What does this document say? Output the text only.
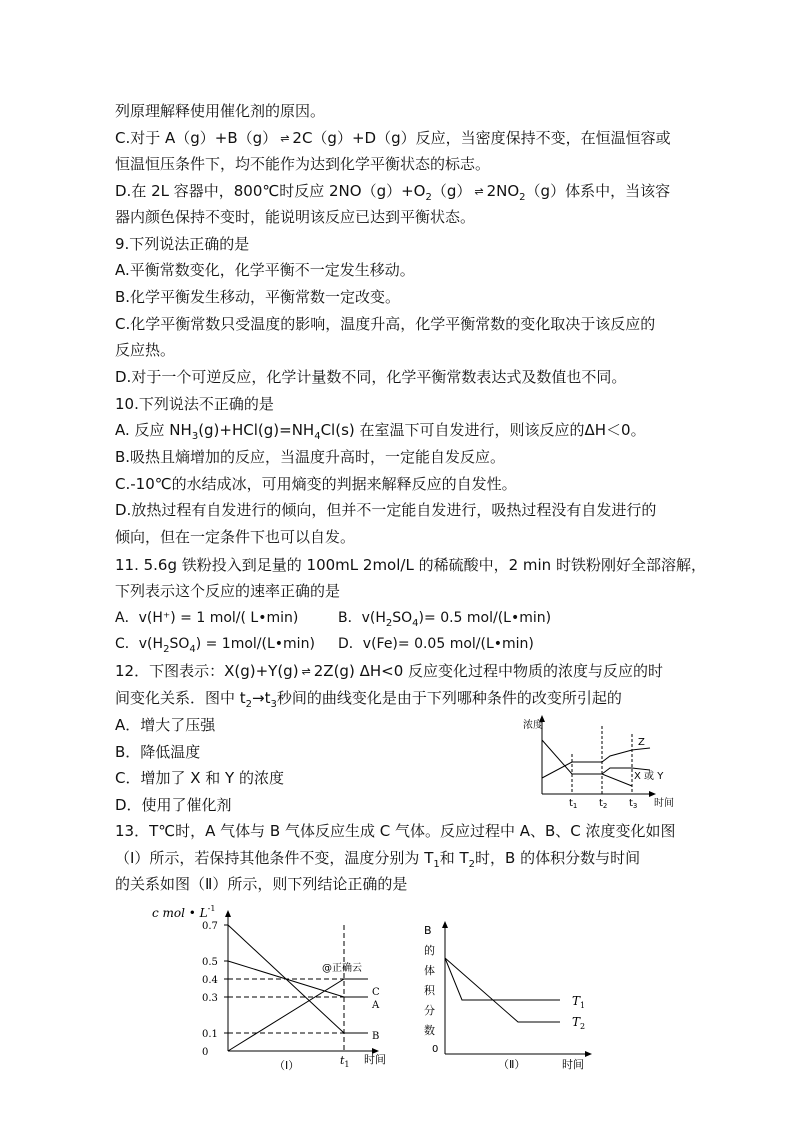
列原理解释使用催化剂的原因。
C.对于 A（g）+B（g） ⇌ 2C（g）+D（g）反应，当密度保持不变，在恒温恒容或
恒温恒压条件下，均不能作为达到化学平衡状态的标志。
D.在 2L 容器中，800℃时反应 $2NO(g)+O_2(g)$ ⇌ $2NO_2(g)$体系中，当该容
器内颜色保持不变时，能说明该反应已达到平衡状态。
9.下列说法正确的是
A.平衡常数变化，化学平衡不一定发生移动。
B.化学平衡发生移动，平衡常数一定改变。
C.化学平衡常数只受温度的影响，温度升高，化学平衡常数的变化取决于该反应的
反应热。
D.对于一个可逆反应，化学计量数不同，化学平衡常数表达式及数值也不同。
10.下列说法不正确的是
A. 反应 $NH_3(g)+HCl(g)=NH_4Cl(s)$ 在室温下可自发进行，则该反应的ΔH＜0。
B.吸热且熵增加的反应，当温度升高时，一定能自发反应。
C.-10℃的水结成冰，可用熵变的判据来解释反应的自发性。
D.放热过程有自发进行的倾向，但并不一定能自发进行，吸热过程没有自发进行的
倾向，但在一定条件下也可以自发。
11. 5.6g 铁粉投入到足量的 100mL 2mol/L 的稀硫酸中，2 min 时铁粉刚好全部溶解，
下列表示这个反应的速率正确的是
A．v(H⁺) = 1 mol/( L•min)	B．$v(H_2SO_4)= 0.5$ mol/(L•min)
C．$v(H_2SO_4)$ = 1mol/(L•min) D．v(Fe)= 0.05 mol/(L•min)
12．下图表示：X(g)+Y(g) ⇌ 2Z(g) ΔH<0 反应变化过程中物质的浓度与反应的时
间变化关系．图中 $t_2\to t_3$秒间的曲线变化是由于下列哪种条件的改变所引起的
A．增大了压强
B．降低温度
C．增加了 X 和 Y 的浓度
D．使用了催化剂
浓度
Z
X 或 Y
$t_1$ $t_2$ $t_3$ 时间
13．T℃时，A 气体与 B 气体反应生成 C 气体。反应过程中 A、B、C 浓度变化如图
（Ⅰ）所示，若保持其他条件不变，温度分别为 $T_1$和 $T_2$时，B 的体积分数与时间
的关系如图（Ⅱ）所示，则下列结论正确的是
c mol • $L^{-1}$
0.7
0.5
0.4
0.3
0.1
0
@正确云
C
A
B
$t_1$ 时间
（Ⅰ）
B
的
体
积
分
数
$T_1$
$T_2$
0
时间
（Ⅱ）
